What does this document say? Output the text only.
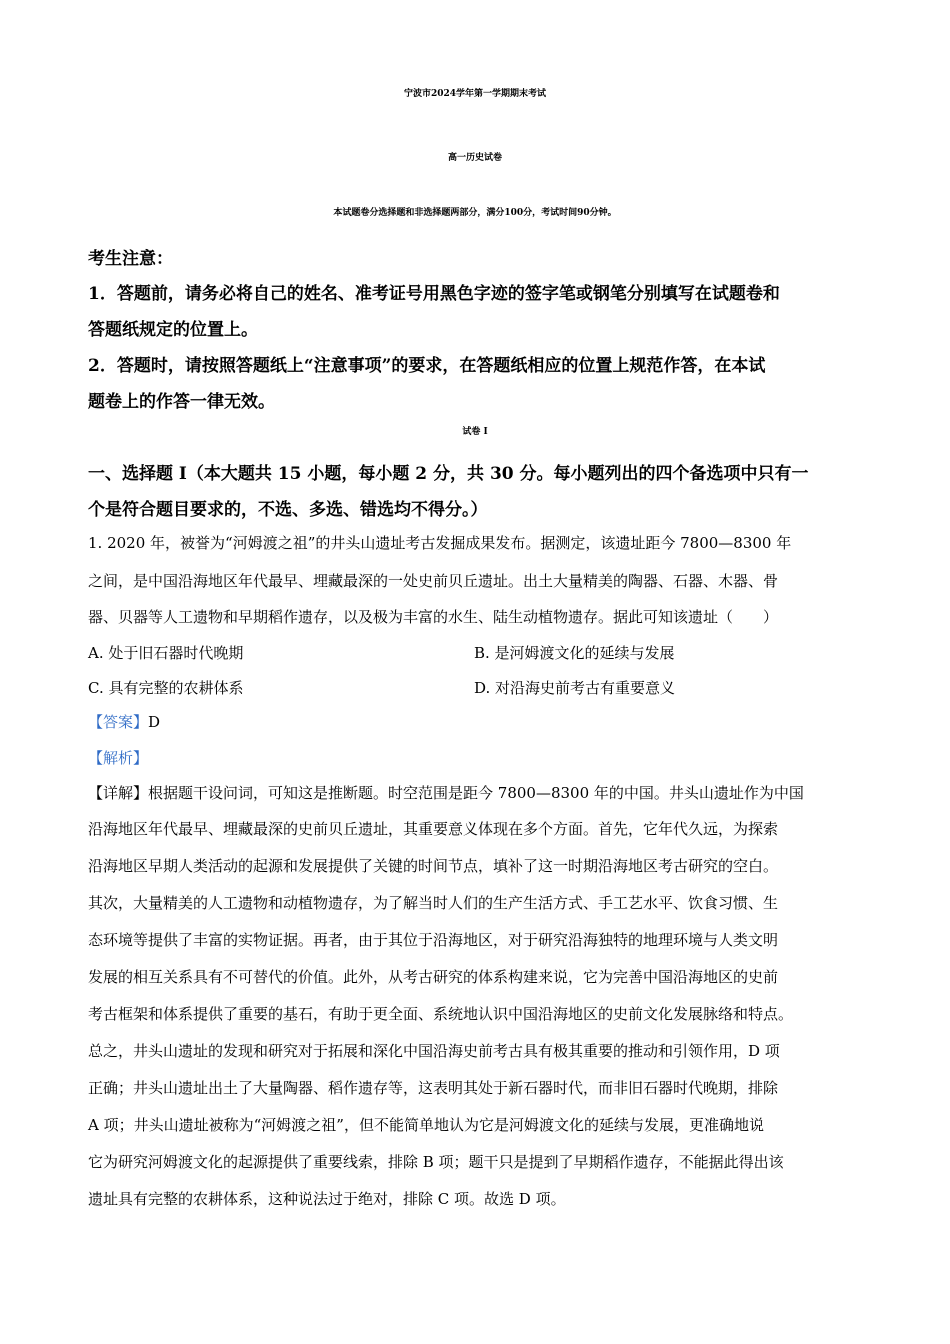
宁波市2024学年第一学期期末考试
高一历史试卷
本试题卷分选择题和非选择题两部分，满分100分，考试时间90分钟。
考生注意：
1．答题前，请务必将自己的姓名、准考证号用黑色字迹的签字笔或钢笔分别填写在试题卷和
答题纸规定的位置上。
2．答题时，请按照答题纸上“注意事项”的要求，在答题纸相应的位置上规范作答，在本试
题卷上的作答一律无效。
试卷 I
一、选择题 I（本大题共 15 小题，每小题 2 分，共 30 分。每小题列出的四个备选项中只有一
个是符合题目要求的，不选、多选、错选均不得分。）
1. 2020 年，被誉为“河姆渡之祖”的井头山遗址考古发掘成果发布。据测定，该遗址距今 7800—8300 年
之间，是中国沿海地区年代最早、埋藏最深的一处史前贝丘遗址。出土大量精美的陶器、石器、木器、骨
器、贝器等人工遗物和早期稻作遗存，以及极为丰富的水生、陆生动植物遗存。据此可知该遗址（　　）
A. 处于旧石器时代晚期	B. 是河姆渡文化的延续与发展
C. 具有完整的农耕体系	D. 对沿海史前考古有重要意义
【答案】D
【解析】
【详解】根据题干设问词，可知这是推断题。时空范围是距今 7800—8300 年的中国。井头山遗址作为中国
沿海地区年代最早、埋藏最深的史前贝丘遗址，其重要意义体现在多个方面。首先，它年代久远，为探索
沿海地区早期人类活动的起源和发展提供了关键的时间节点，填补了这一时期沿海地区考古研究的空白。
其次，大量精美的人工遗物和动植物遗存，为了解当时人们的生产生活方式、手工艺水平、饮食习惯、生
态环境等提供了丰富的实物证据。再者，由于其位于沿海地区，对于研究沿海独特的地理环境与人类文明
发展的相互关系具有不可替代的价值。此外，从考古研究的体系构建来说，它为完善中国沿海地区的史前
考古框架和体系提供了重要的基石，有助于更全面、系统地认识中国沿海地区的史前文化发展脉络和特点。
总之，井头山遗址的发现和研究对于拓展和深化中国沿海史前考古具有极其重要的推动和引领作用，D 项
正确；井头山遗址出土了大量陶器、稻作遗存等，这表明其处于新石器时代，而非旧石器时代晚期，排除
A 项；井头山遗址被称为“河姆渡之祖”，但不能简单地认为它是河姆渡文化的延续与发展，更准确地说
它为研究河姆渡文化的起源提供了重要线索，排除 B 项；题干只是提到了早期稻作遗存，不能据此得出该
遗址具有完整的农耕体系，这种说法过于绝对，排除 C 项。故选 D 项。
